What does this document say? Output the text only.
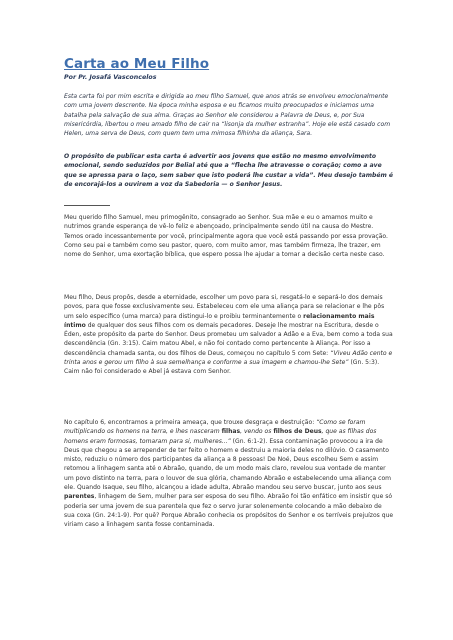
Carta ao Meu Filho
Por Pr. Josafá Vasconcelos

Esta carta foi por mim escrita e dirigida ao meu filho Samuel, que anos atrás se envolveu emocionalmente com uma jovem descrente. Na época minha esposa e eu ficamos muito preocupados e iniciamos uma batalha pela salvação de sua alma. Graças ao Senhor ele considerou a Palavra de Deus, e, por Sua misericórdia, libertou o meu amado filho de cair na “lisonja da mulher estranha”. Hoje ele está casado com Helen, uma serva de Deus, com quem tem uma mimosa filhinha da aliança, Sara.

O propósito de publicar esta carta é advertir aos jovens que estão no mesmo envolvimento emocional, sendo seduzidos por Belial até que a “flecha lhe atravesse o coração; como a ave que se apressa para o laço, sem saber que isto poderá lhe custar a vida”. Meu desejo também é de encorajá-los a ouvirem a voz da Sabedoria — o Senhor Jesus.

Meu querido filho Samuel, meu primogênito, consagrado ao Senhor. Sua mãe e eu o amamos muito e nutrimos grande esperança de vê-lo feliz e abençoado, principalmente sendo útil na causa do Mestre. Temos orado incessantemente por você, principalmente agora que você está passando por essa provação. Como seu pai e também como seu pastor, quero, com muito amor, mas também firmeza, lhe trazer, em nome do Senhor, uma exortação bíblica, que espero possa lhe ajudar a tomar a decisão certa neste caso.

Meu filho, Deus propôs, desde a eternidade, escolher um povo para si, resgatá-lo e separá-lo dos demais povos, para que fosse exclusivamente seu. Estabeleceu com ele uma aliança para se relacionar e lhe pôs um selo específico (uma marca) para distingui-lo e proibiu terminantemente o relacionamento mais íntimo de qualquer dos seus filhos com os demais pecadores. Deseje lhe mostrar na Escritura, desde o Éden, este propósito da parte do Senhor. Deus prometeu um salvador a Adão e a Eva, bem como a toda sua descendência (Gn. 3:15). Caim matou Abel, e não foi contado como pertencente à Aliança. Por isso a descendência chamada santa, ou dos filhos de Deus, começou no capítulo 5 com Sete: “Viveu Adão cento e trinta anos e gerou um filho à sua semelhança e conforme a sua imagem e chamou-lhe Sete” (Gn. 5:3). Caim não foi considerado e Abel já estava com Senhor.

No capítulo 6, encontramos a primeira ameaça, que trouxe desgraça e destruição: “Como se foram multiplicando os homens na terra, e lhes nasceram filhas, vendo os filhos de Deus, que as filhas dos homens eram formosas, tomaram para si, mulheres...” (Gn. 6:1-2). Essa contaminação provocou a ira de Deus que chegou a se arrepender de ter feito o homem e destruiu a maioria deles no dilúvio. O casamento misto, reduziu o número dos participantes da aliança a 8 pessoas! De Noé, Deus escolheu Sem e assim retomou a linhagem santa até o Abraão, quando, de um modo mais claro, revelou sua vontade de manter um povo distinto na terra, para o louvor de sua glória, chamando Abraão e estabelecendo uma aliança com ele. Quando Isaque, seu filho, alcançou a idade adulta, Abraão mandou seu servo buscar, junto aos seus parentes, linhagem de Sem, mulher para ser esposa do seu filho. Abraão foi tão enfático em insistir que só poderia ser uma jovem de sua parentela que fez o servo jurar solenemente colocando a mão debaixo de sua coxa (Gn. 24:1-9). Por quê? Porque Abraão conhecia os propósitos do Senhor e os terríveis prejuízos que viriam caso a linhagem santa fosse contaminada.
